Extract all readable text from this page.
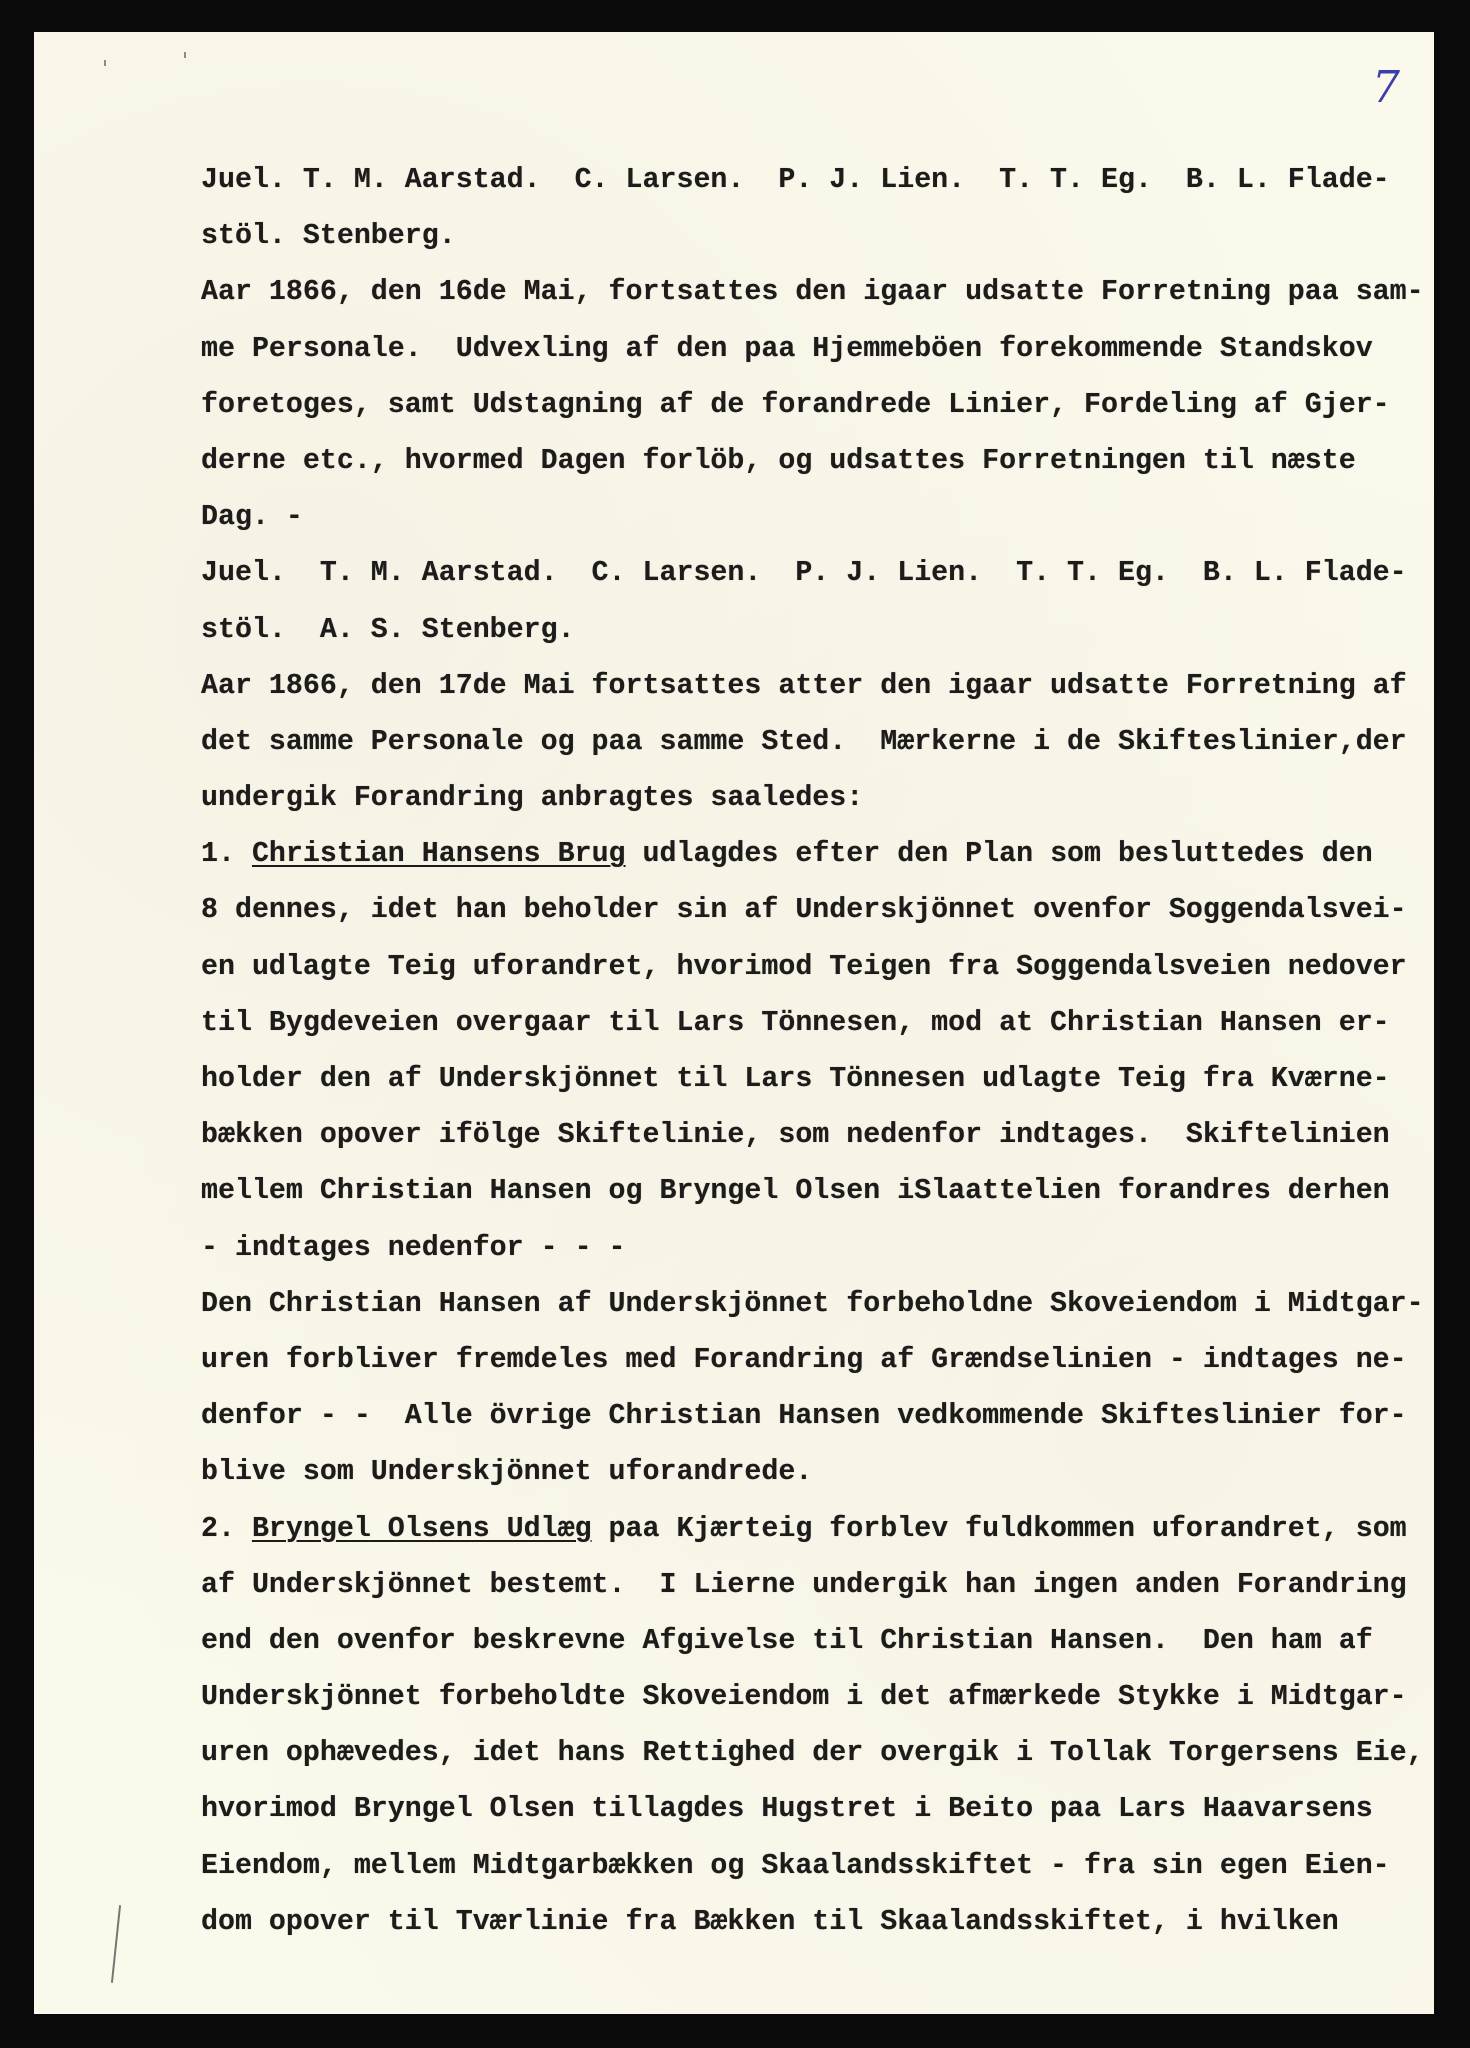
7
Juel. T. M. Aarstad.  C. Larsen.  P. J. Lien.  T. T. Eg.  B. L. Flade-
stöl. Stenberg.
Aar 1866, den 16de Mai, fortsattes den igaar udsatte Forretning paa sam-
me Personale.  Udvexling af den paa Hjemmeböen forekommende Standskov
foretoges, samt Udstagning af de forandrede Linier, Fordeling af Gjer-
derne etc., hvormed Dagen forlöb, og udsattes Forretningen til næste
Dag. -
Juel.  T. M. Aarstad.  C. Larsen.  P. J. Lien.  T. T. Eg.  B. L. Flade-
stöl.  A. S. Stenberg.
Aar 1866, den 17de Mai fortsattes atter den igaar udsatte Forretning af
det samme Personale og paa samme Sted.  Mærkerne i de Skifteslinier,der
undergik Forandring anbragtes saaledes:
1. Christian Hansens Brug udlagdes efter den Plan som besluttedes den
8 dennes, idet han beholder sin af Underskjönnet ovenfor Soggendalsvei-
en udlagte Teig uforandret, hvorimod Teigen fra Soggendalsveien nedover
til Bygdeveien overgaar til Lars Tönnesen, mod at Christian Hansen er-
holder den af Underskjönnet til Lars Tönnesen udlagte Teig fra Kværne-
bækken opover ifölge Skiftelinie, som nedenfor indtages.  Skiftelinien
mellem Christian Hansen og Bryngel Olsen iSlaattelien forandres derhen
- indtages nedenfor - - -
Den Christian Hansen af Underskjönnet forbeholdne Skoveiendom i Midtgar-
uren forbliver fremdeles med Forandring af Grændselinien - indtages ne-
denfor - -  Alle övrige Christian Hansen vedkommende Skifteslinier for-
blive som Underskjönnet uforandrede.
2. Bryngel Olsens Udlæg paa Kjærteig forblev fuldkommen uforandret, som
af Underskjönnet bestemt.  I Lierne undergik han ingen anden Forandring
end den ovenfor beskrevne Afgivelse til Christian Hansen.  Den ham af
Underskjönnet forbeholdte Skoveiendom i det afmærkede Stykke i Midtgar-
uren ophævedes, idet hans Rettighed der overgik i Tollak Torgersens Eie,
hvorimod Bryngel Olsen tillagdes Hugstret i Beito paa Lars Haavarsens
Eiendom, mellem Midtgarbækken og Skaalandsskiftet - fra sin egen Eien-
dom opover til Tværlinie fra Bækken til Skaalandsskiftet, i hvilken
